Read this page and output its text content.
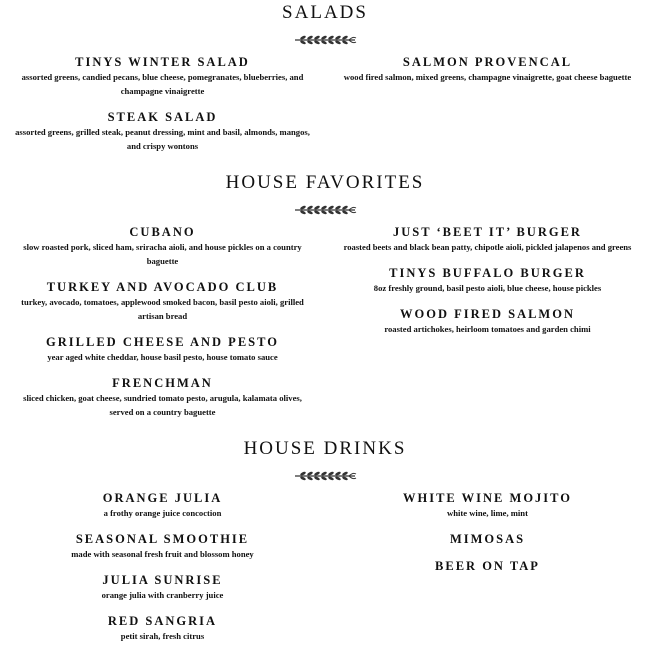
SALADS
TINYS WINTER SALAD
assorted greens, candied pecans, blue cheese, pomegranates, blueberries, and champagne vinaigrette
STEAK SALAD
assorted greens, grilled steak, peanut dressing, mint and basil, almonds, mangos, and crispy wontons
SALMON PROVENCAL
wood fired salmon, mixed greens, champagne vinaigrette, goat cheese baguette
HOUSE FAVORITES
CUBANO
slow roasted pork, sliced ham, sriracha aioli, and house pickles on a country baguette
TURKEY AND AVOCADO CLUB
turkey, avocado, tomatoes, applewood smoked bacon, basil pesto aioli, grilled artisan bread
GRILLED CHEESE AND PESTO
year aged white cheddar, house basil pesto, house tomato sauce
FRENCHMAN
sliced chicken, goat cheese, sundried tomato pesto, arugula, kalamata olives, served on a country baguette
JUST ‘BEET IT’ BURGER
roasted beets and black bean patty, chipotle aioli, pickled jalapenos and greens
TINYS BUFFALO BURGER
8oz freshly ground, basil pesto aioli, blue cheese, house pickles
WOOD FIRED SALMON
roasted artichokes, heirloom tomatoes and garden chimi
HOUSE DRINKS
ORANGE JULIA
a frothy orange juice concoction
SEASONAL SMOOTHIE
made with seasonal fresh fruit and blossom honey
JULIA SUNRISE
orange julia with cranberry juice
RED SANGRIA
petit sirah, fresh citrus
WHITE WINE MOJITO
white wine, lime, mint
MIMOSAS
BEER ON TAP
